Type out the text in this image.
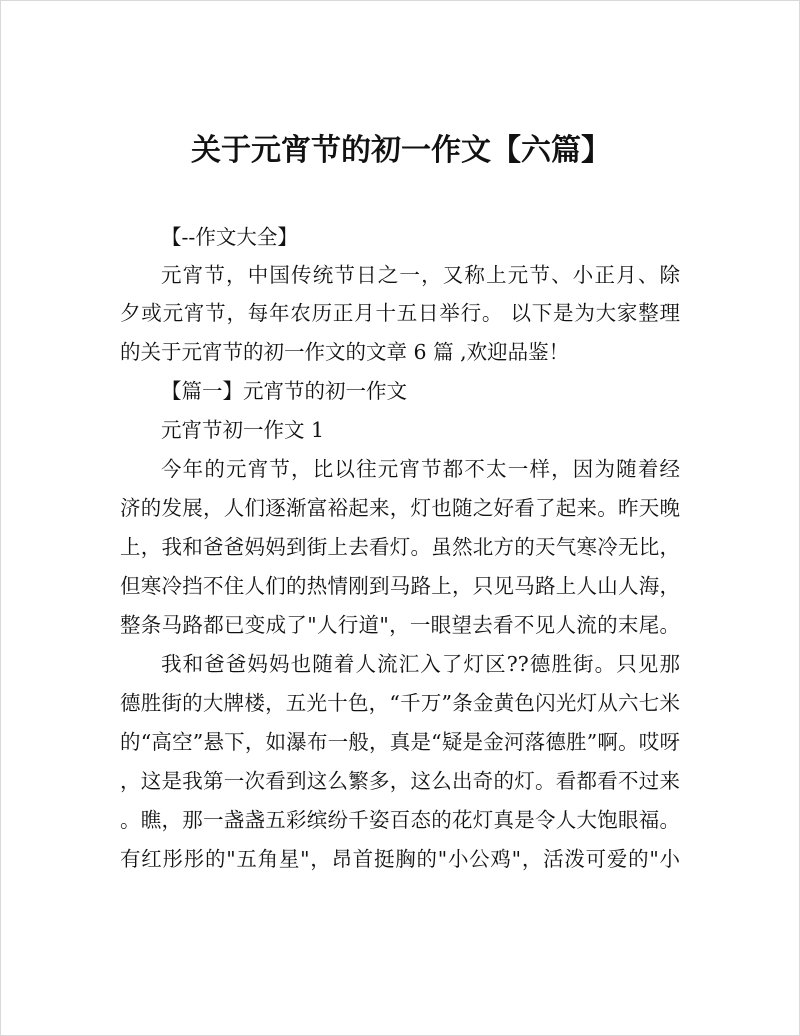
关于元宵节的初一作文【六篇】
【--作文大全】
元宵节，中国传统节日之一，又称上元节、小正月、除
夕或元宵节，每年农历正月十五日举行。 以下是为大家整理
的关于元宵节的初一作文的文章 6 篇 ,欢迎品鉴！
【篇一】元宵节的初一作文
元宵节初一作文 1
今年的元宵节，比以往元宵节都不太一样，因为随着经
济的发展，人们逐渐富裕起来，灯也随之好看了起来。昨天晚
上，我和爸爸妈妈到街上去看灯。虽然北方的天气寒冷无比，
但寒冷挡不住人们的热情刚到马路上，只见马路上人山人海，
整条马路都已变成了"人行道"，一眼望去看不见人流的末尾。
我和爸爸妈妈也随着人流汇入了灯区??德胜街。只见那
德胜街的大牌楼，五光十色，“千万”条金黄色闪光灯从六七米
的“高空”悬下，如瀑布一般，真是“疑是金河落德胜”啊。哎呀
，这是我第一次看到这么繁多，这么出奇的灯。看都看不过来
。瞧，那一盏盏五彩缤纷千姿百态的花灯真是令人大饱眼福。
有红彤彤的"五角星"，昂首挺胸的"小公鸡"，活泼可爱的"小
